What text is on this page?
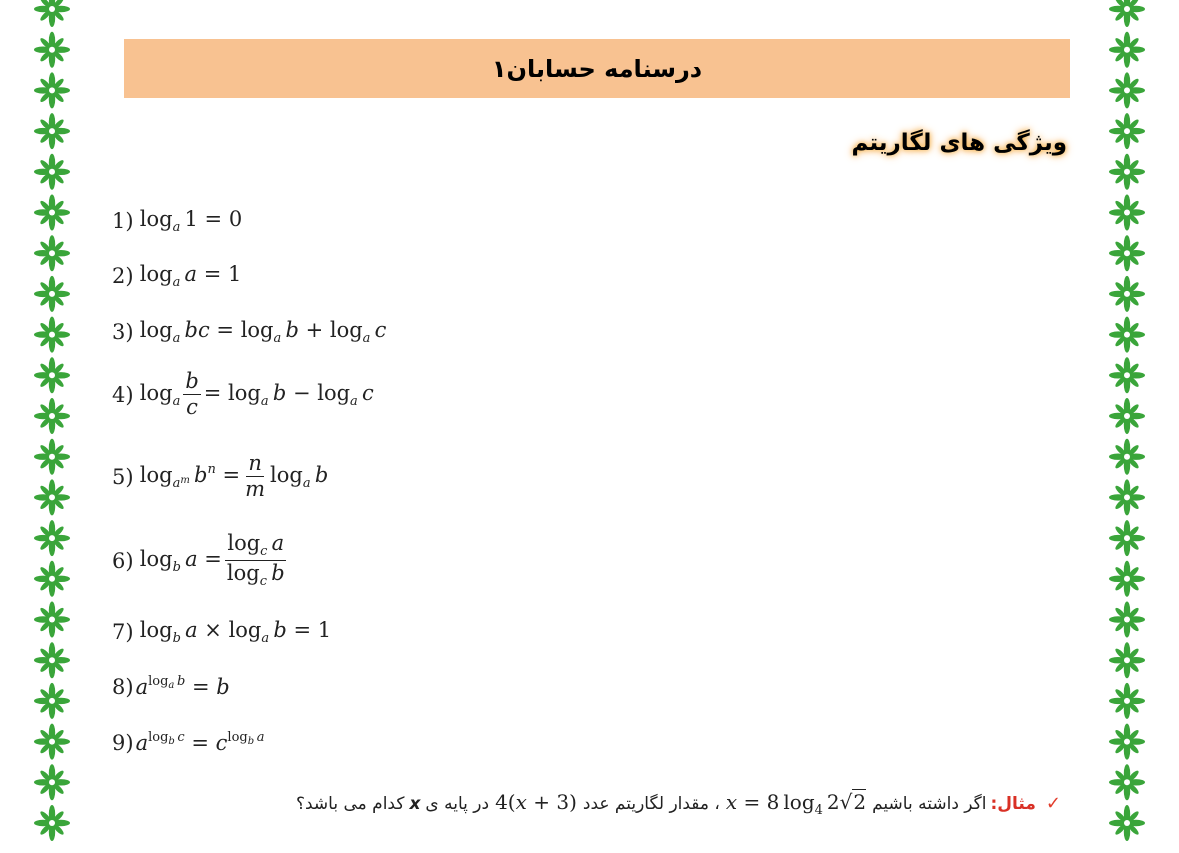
درسنامه حسابان۱
ویژگی های لگاریتم
1)  $\log_a 1 = 0$
2)  $\log_a a = 1$
3)  $\log_a$  bc = $\log_a b + \log_a c$
4)  $\log_a \frac{b}{c} = \log_a b - \log_a c$
5)  $\log_{a^m} b^n = \frac{n}{m} \log_a b$
6)  $\log_b a = \frac{\log_c a}{\log_c b}$
7)  $\log_b a \times \log_a b = 1$
8) $a^{log_a b} = b$
9) $a^{log_b c} = c^{log_b a}$
✓
مثال:
اگر داشته باشیم
x = 8 $\log_4 2√2$
، مقدار لگاریتم عدد
4(x + 3)
در پایه ی
x
کدام می باشد؟
